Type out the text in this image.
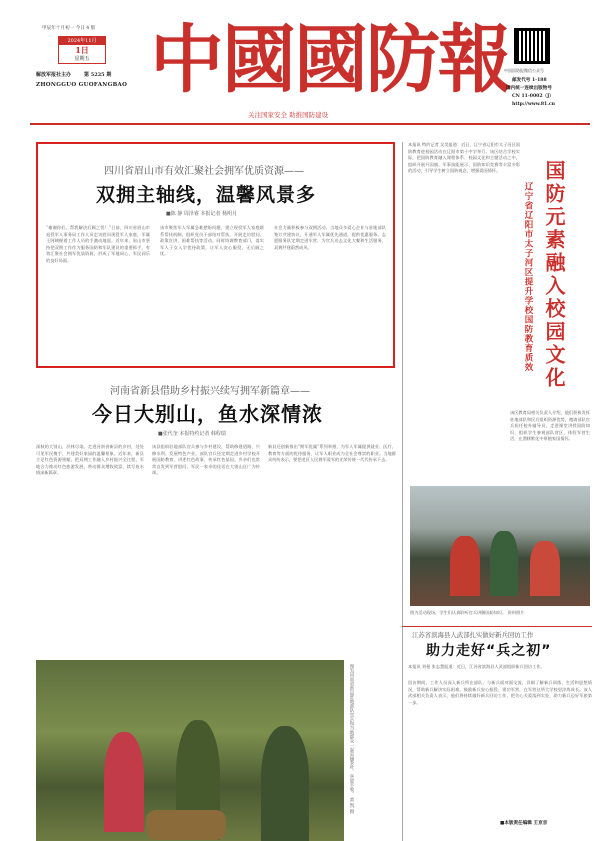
甲辰年十月初一 今日 4 版
2024年11月
1日
星期五
解放军报社主办	第 5225 期
ZHONGGUO GUOFANGBAO 中國國防報
关注国家安全 助推国防建设
中国国防报微信公众号
邮发代号 1-188
国内统一连续出版物号
CN 11-0002（J）
http://www.81.cn
四川省眉山市有效汇聚社会拥军优质资源——
双拥主轴线，温馨风景多
■陈 静 周泽睿 本报记者 杨明月
“谢谢你们，帮我解决后顾之忧！”日前，四川省眉山市退役军人事务局工作人员走访慰问现役军人家庭，军属王阿姨握着工作人员的手激动地说。近年来，眉山市坚持把双拥工作作为服务国防和军队建设的重要抓手，有效汇聚社会拥军优质资源，形成了军地同心、军民同乐的良好局面。
该市聚焦军人军属急难愁盼问题，建立现役军人家庭联系帮扶机制，组织党员干部结对帮扶，开展走访慰问、政策宣讲、困难帮扶等活动。同时协调教育部门，落实军人子女入学优待政策，让军人安心服役、无后顾之忧。
社会力量积极参与双拥活动。当地众多爱心企业与驻地部队签订共建协议，开通军人军属优先通道，提供优惠服务。志愿服务队定期走进军营，为官兵送去文化大餐和生活服务，双拥共建蔚然成风。
本报讯 特约记者 吴昊报道：近日，辽宁省辽阳市太子河区国防教育进校园活动在辽阳市第十中学举行。该区结合学校实际，把国防教育融入课程体系、校园文化和主题活动之中，组织开展升国旗、军事技能展示、国防知识竞赛等丰富多彩的活动，引导学生树立国防观念，增强爱国情怀。	国防元素融入校园文化
辽宁省辽阳市太子河区提升学校国防教育质效
该区教育局相关负责人介绍，他们积极发挥驻地部队和民兵组织资源优势，邀请部队官兵担任校外辅导员，走进课堂讲授国防知识，组织学生参观部队营区、体验军营生活，在潜移默化中厚植家国情怀。
图为活动现场，学生们认真聆听官兵讲解国防知识。 资料照片
河南省新县借助乡村振兴续写拥军新篇章——
今日大别山，鱼水深情浓
■张代奎 本报特约记者 韩程瑞
深秋的大别山，层林尽染。走进河南省新县的乡村，处处可见军民携手、共建美好家园的温馨景象。近年来，新县立足红色资源禀赋，把双拥工作融入乡村振兴全过程，军地合力推动红色旅游发展，带动群众增收致富，续写鱼水情深新篇章。
该县组织驻地部队官兵参与乡村建设，帮助修建道路、兴修水利、发展特色产业。部队官兵还定期走进乡村学校开展国防教育，讲述红色故事，传承红色基因。乡亲们也常常自发到军营慰问，军民一家亲的佳话在大别山区广为传颂。
新县还创新推出“拥军优属”系列举措，为军人军属提供就业、医疗、教育等方面的优待服务，让军人职业成为全社会尊崇的职业。当地群众纷纷表示，要把老区人民拥军爱军的光荣传统一代代传承下去。
图为河南省新县驻地部队官兵和当地群众一起采摘茶叶，喜迎丰收。 黄 凯 摄
江苏省滨海县人武部扎实做好新兵回访工作
助力走好“兵之初”
本报讯 刘曼 张志慧报道：近日，江苏省滨海县人武部组织新兵回访工作。
回访期间，工作人员深入新兵所在部队，与新兵面对面交流，详细了解新兵训练、生活和思想情况，帮助新兵解决实际困难，鼓励新兵安心服役、建功军营，在军营这所大学校里淬炼成长。该人武部相关负责人表示，他们将持续做好新兵回访工作，把关心关爱落到实处，助力新兵迈好军旅第一步。
■本版责任编辑 王京京
